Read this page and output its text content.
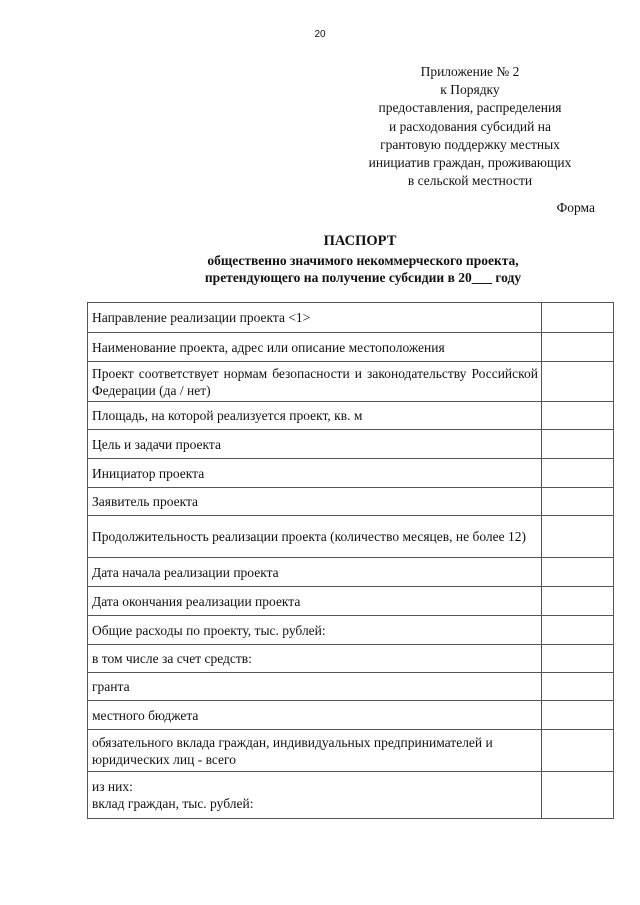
20
Приложение № 2
к Порядку
предоставления, распределения
и расходования субсидий на
грантовую поддержку местных
инициатив граждан, проживающих
в сельской местности
Форма
ПАСПОРТ
общественно значимого некоммерческого проекта,
претендующего на получение субсидии в 20___ году
Направление реализации проекта <1>	

Наименование проекта, адрес или описание местоположения	

Проект соответствует нормам безопасности и законодательству Российской Федерации (да / нет)	

Площадь, на которой реализуется проект, кв. м	

Цель и задачи проекта	

Инициатор проекта	

Заявитель проекта	

Продолжительность реализации проекта (количество месяцев, не более 12)	

Дата начала реализации проекта	

Дата окончания реализации проекта	

Общие расходы по проекту, тыс. рублей:	

в том числе за счет средств:	

гранта	

местного бюджета	

обязательного вклада граждан, индивидуальных предпринимателей и юридических лиц - всего	

из них:
вклад граждан, тыс. рублей:	
